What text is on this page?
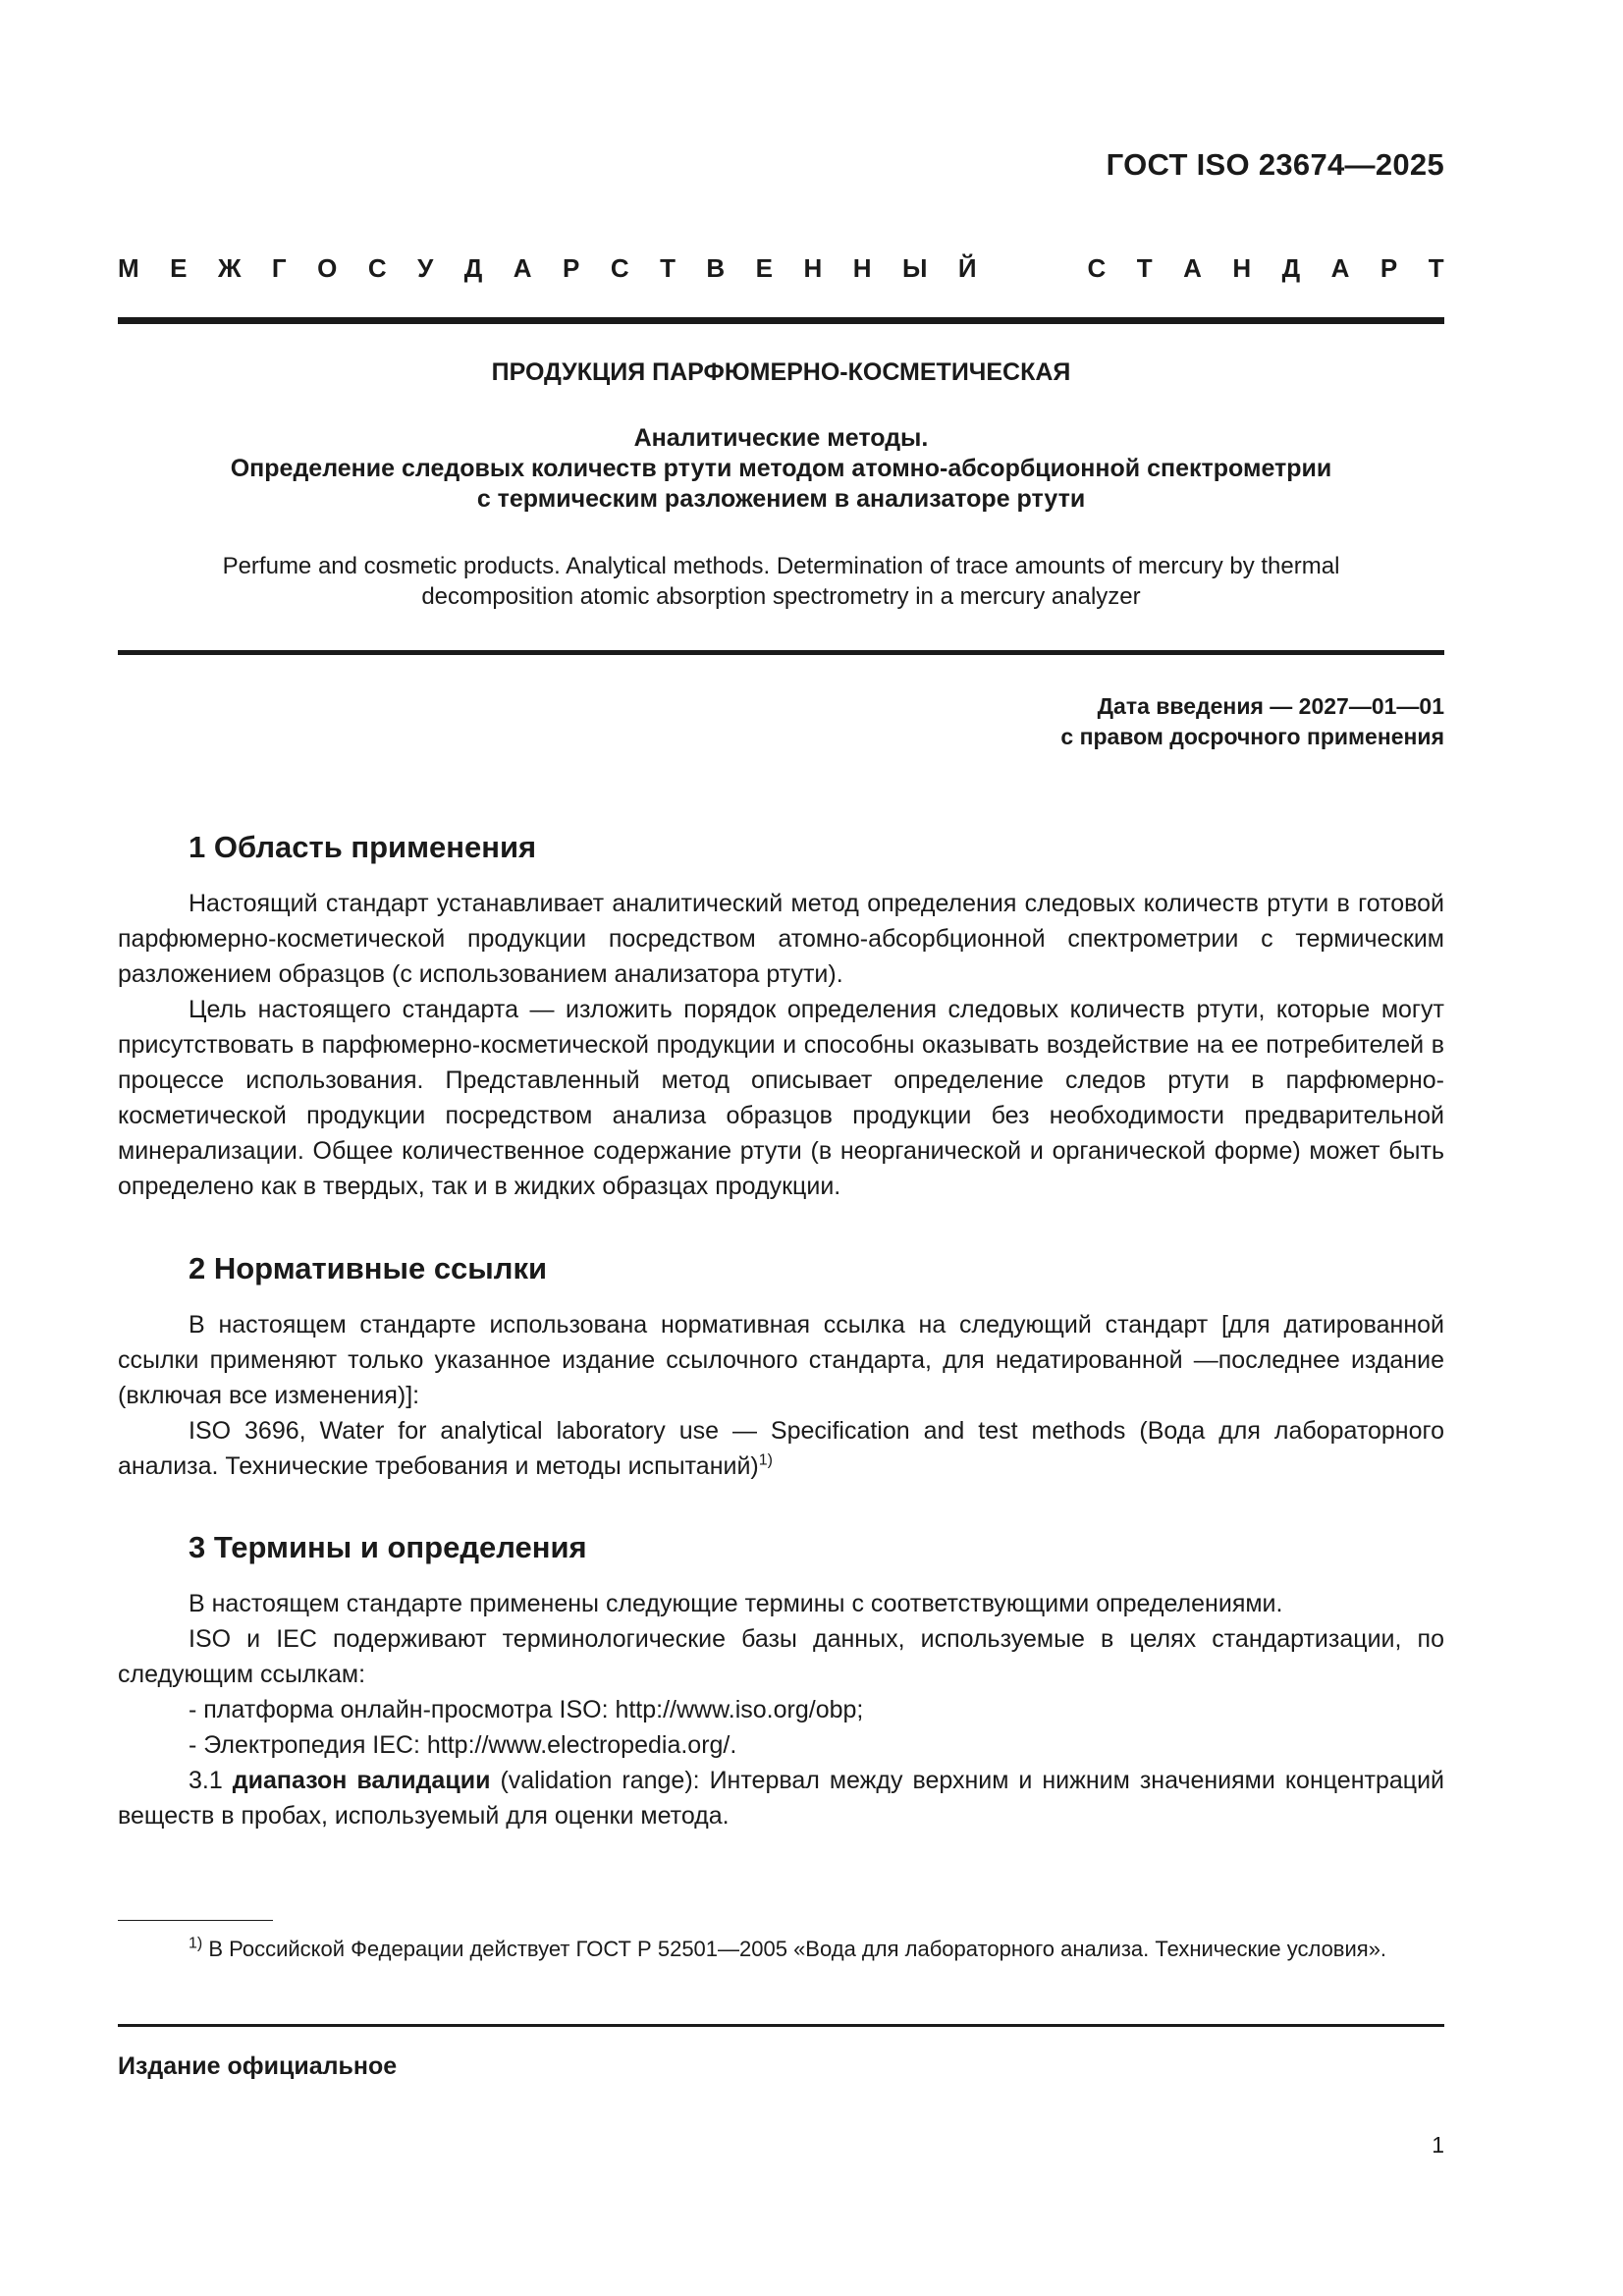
ГОСТ ISO 23674—2025
М Е Ж Г О С У Д А Р С Т В Е Н Н Ы Й	С Т А Н Д А Р Т
ПРОДУКЦИЯ ПАРФЮМЕРНО-КОСМЕТИЧЕСКАЯ
Аналитические методы.
Определение следовых количеств ртути методом атомно-абсорбционной спектрометрии
с термическим разложением в анализаторе ртути
Perfume and cosmetic products. Analytical methods. Determination of trace amounts of mercury by thermal
decomposition atomic absorption spectrometry in a mercury analyzer
Дата введения — 2027—01—01
с правом досрочного применения
1 Область применения

Настоящий стандарт устанавливает аналитический метод определения следовых количеств ртути в готовой парфюмерно-косметической продукции посредством атомно-абсорбционной спектрометрии с термическим разложением образцов (с использованием анализатора ртути).

Цель настоящего стандарта — изложить порядок определения следовых количеств ртути, которые могут присутствовать в парфюмерно-косметической продукции и способны оказывать воздействие на ее потребителей в процессе использования. Представленный метод описывает определение следов ртути в парфюмерно-косметической продукции посредством анализа образцов продукции без необходимости предварительной минерализации. Общее количественное содержание ртути (в неорганической и органической форме) может быть определено как в твердых, так и в жидких образцах продукции.

2 Нормативные ссылки

В настоящем стандарте использована нормативная ссылка на следующий стандарт [для датированной ссылки применяют только указанное издание ссылочного стандарта, для недатированной —последнее издание (включая все изменения)]:

ISO 3696, Water for analytical laboratory use — Specification and test methods (Вода для лабораторного анализа. Технические требования и методы испытаний)$^{1)}$

3 Термины и определения

В настоящем стандарте применены следующие термины с соответствующими определениями.

ISO и IEC подерживают терминологические базы данных, используемые в целях стандартизации, по следующим ссылкам:

- платформа онлайн-просмотра ISO: http://www.iso.org/obp;

- Электропедия IEC: http://www.electropedia.org/.

3.1 диапазон валидации (validation range): Интервал между верхним и нижним значениями концентраций веществ в пробах, используемый для оценки метода.

$^{1)}$ В Российской Федерации действует ГОСТ Р 52501—2005 «Вода для лабораторного анализа. Технические условия».
Издание официальное
1
